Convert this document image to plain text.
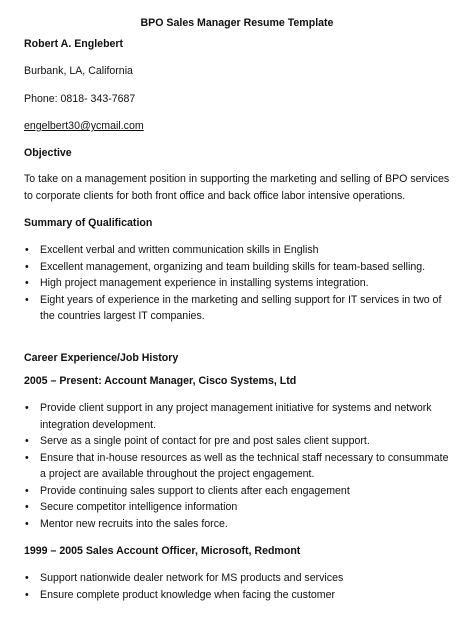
BPO Sales Manager Resume Template
Robert A. Englebert
Burbank, LA, California
Phone: 0818- 343-7687
engelbert30@ycmail.com
Objective
To take on a management position in supporting the marketing and selling of BPO services to corporate clients for both front office and back office labor intensive operations.
Summary of Qualification
• Excellent verbal and written communication skills in English
• Excellent management, organizing and team building skills for team-based selling.
• High project management experience in installing systems integration.
• Eight years of experience in the marketing and selling support for IT services in two of the countries largest IT companies.
Career Experience/Job History
2005 – Present: Account Manager, Cisco Systems, Ltd
• Provide client support in any project management initiative for systems and network integration development.
• Serve as a single point of contact for pre and post sales client support.
• Ensure that in-house resources as well as the technical staff necessary to consummate a project are available throughout the project engagement.
• Provide continuing sales support to clients after each engagement
• Secure competitor intelligence information
• Mentor new recruits into the sales force.
1999 – 2005 Sales Account Officer, Microsoft, Redmont
• Support nationwide dealer network for MS products and services
• Ensure complete product knowledge when facing the customer
